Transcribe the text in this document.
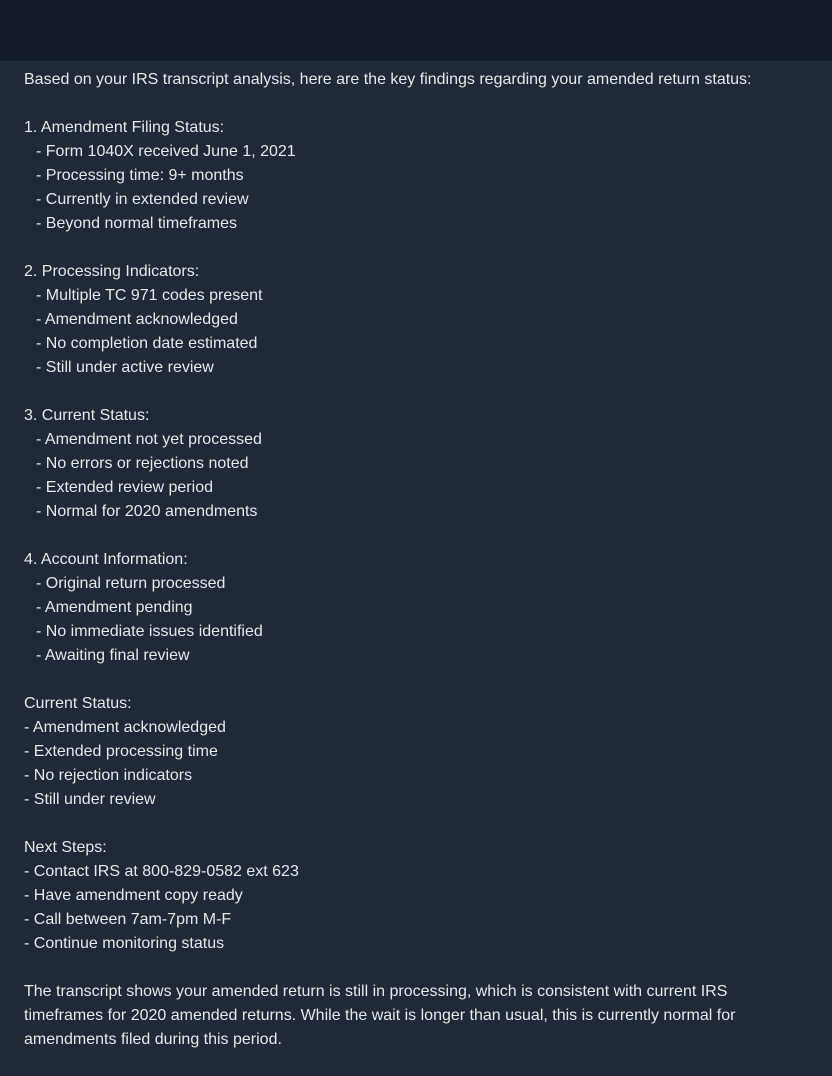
Based on your IRS transcript analysis, here are the key findings regarding your amended return status:
1. Amendment Filing Status:
- Form 1040X received June 1, 2021
- Processing time: 9+ months
- Currently in extended review
- Beyond normal timeframes
2. Processing Indicators:
- Multiple TC 971 codes present
- Amendment acknowledged
- No completion date estimated
- Still under active review
3. Current Status:
- Amendment not yet processed
- No errors or rejections noted
- Extended review period
- Normal for 2020 amendments
4. Account Information:
- Original return processed
- Amendment pending
- No immediate issues identified
- Awaiting final review
Current Status:
- Amendment acknowledged
- Extended processing time
- No rejection indicators
- Still under review
Next Steps:
- Contact IRS at 800-829-0582 ext 623
- Have amendment copy ready
- Call between 7am-7pm M-F
- Continue monitoring status
The transcript shows your amended return is still in processing, which is consistent with current IRS timeframes for 2020 amended returns. While the wait is longer than usual, this is currently normal for amendments filed during this period.
